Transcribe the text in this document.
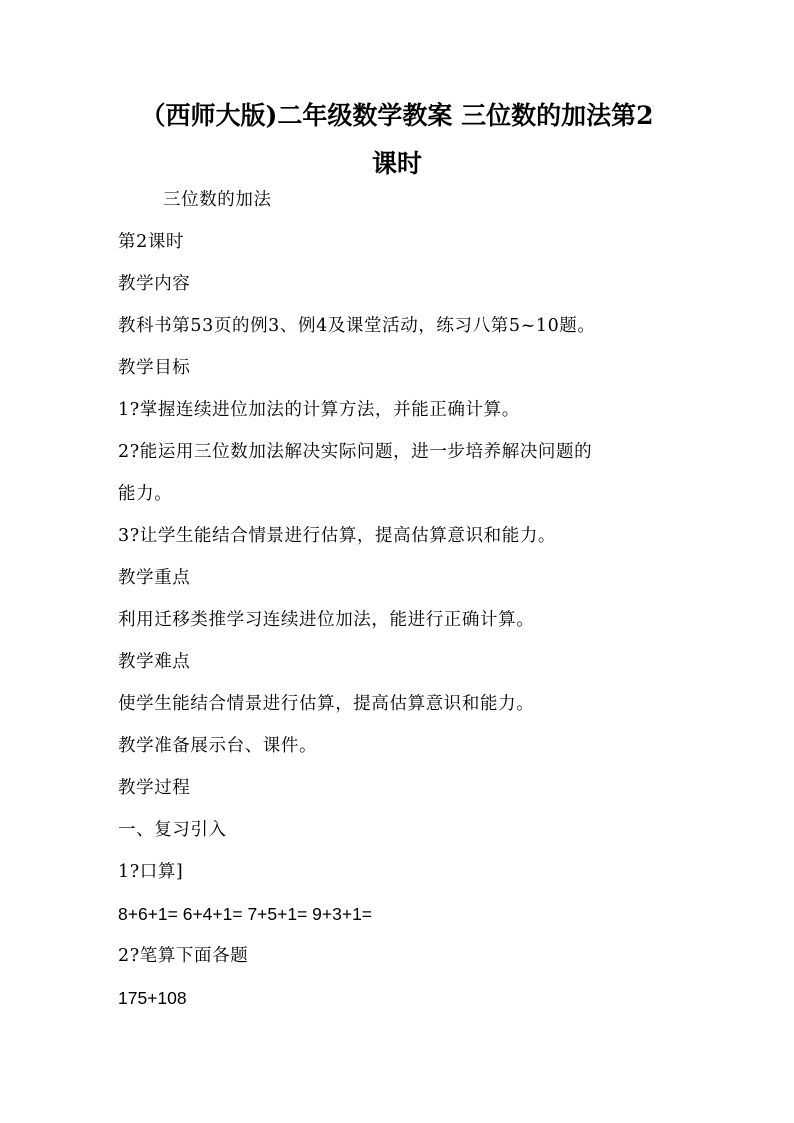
（西师大版)二年级数学教案 三位数的加法第2
课时

三位数的加法

第2课时

教学内容

教科书第53页的例3、例4及课堂活动，练习八第5~10题。

教学目标

1?掌握连续进位加法的计算方法，并能正确计算。

2?能运用三位数加法解决实际问题，进一步培养解决问题的

能力。

3?让学生能结合情景进行估算，提高估算意识和能力。

教学重点

利用迁移类推学习连续进位加法，能进行正确计算。

教学难点

使学生能结合情景进行估算，提高估算意识和能力。

教学准备展示台、课件。

教学过程

一、复习引入

1?口算]

8+6+1= 6+4+1= 7+5+1= 9+3+1=

2?笔算下面各题

175+108
